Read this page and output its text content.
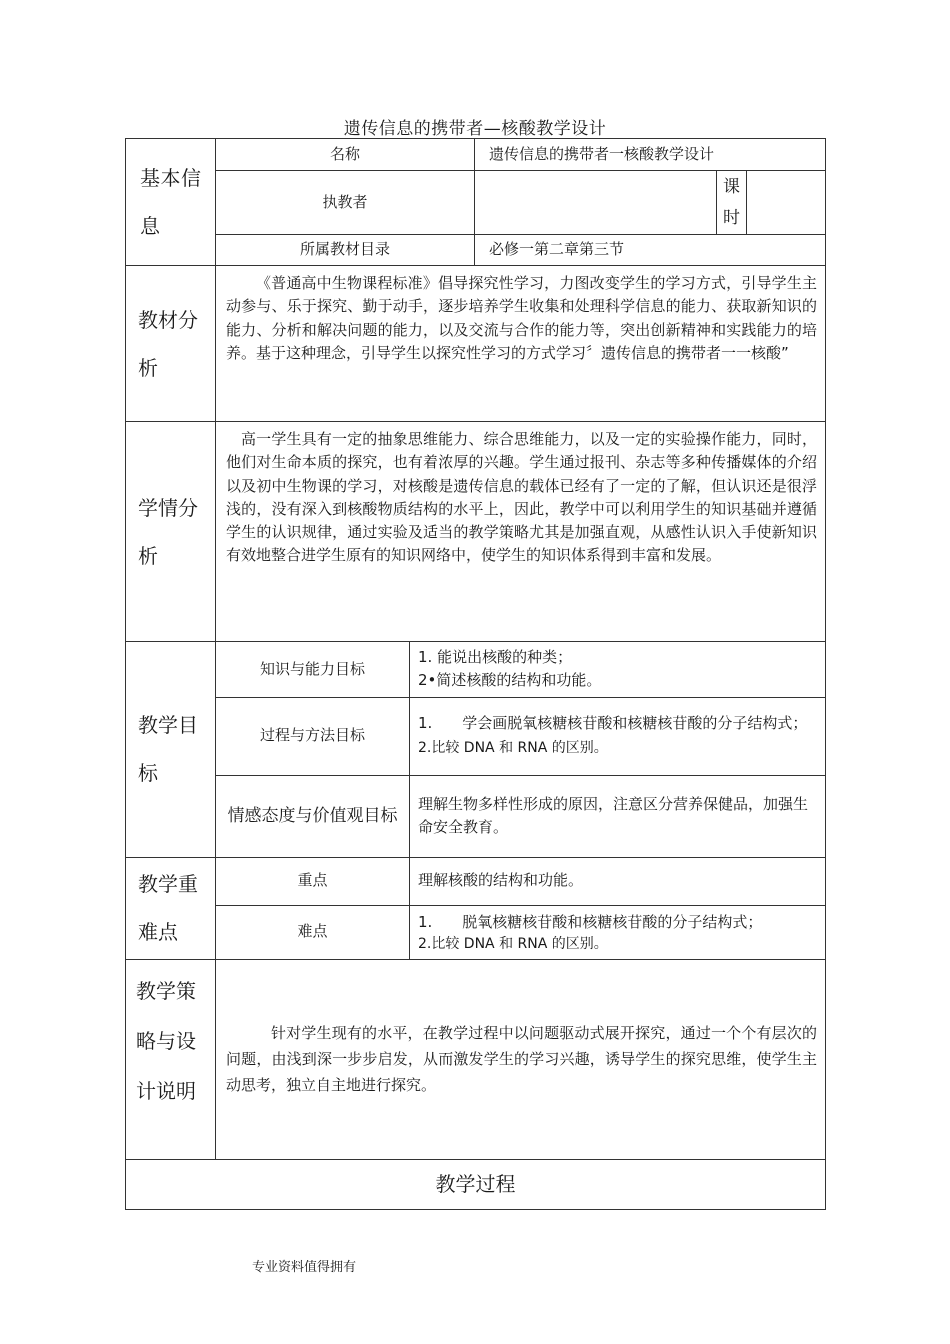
遗传信息的携带者—核酸教学设计
基本信息	名称		遗传信息的携带者一核酸教学设计		
	执教者			课时	
	所属教材目录		必修一第二章第三节		

教材分析	《普通高中生物课程标准》倡导探究性学习，力图改变学生的学习方式，引导学生主动参与、乐于探究、勤于动手，逐步培养学生收集和处理科学信息的能力、获取新知识的能力、分析和解决问题的能力，以及交流与合作的能力等，突出创新精神和实践能力的培养。基于这种理念，引导学生以探究性学习的方式学习〞遗传信息的携带者一一核酸”				

学情分析	高一学生具有一定的抽象思维能力、综合思维能力，以及一定的实验操作能力，同时，他们对生命本质的探究，也有着浓厚的兴趣。学生通过报刊、杂志等多种传播媒体的介绍以及初中生物课的学习，对核酸是遗传信息的载体已经有了一定的了解，但认识还是很浮浅的，没有深入到核酸物质结构的水平上，因此，教学中可以利用学生的知识基础并遵循学生的认识规律，通过实验及适当的教学策略尤其是加强直观，从感性认识入手使新知识有效地整合进学生原有的知识网络中，使学生的知识体系得到丰富和发展。				

教学目标	知识与能力目标	1. 能说出核酸的种类；
2•简述核酸的结构和功能。			

	过程与方法目标	1.　　学会画脱氧核糖核苷酸和核糖核苷酸的分子结构式；
2.比较 DNA 和 RNA 的区别。			

	情感态度与价值观目标	理解生物多样性形成的原因，注意区分营养保健品，加强生命安全教育。			

教学重难点	重点	理解核酸的结构和功能。			
	难点	1.　　脱氧核糖核苷酸和核糖核苷酸的分子结构式；
2.比较 DNA 和 RNA 的区别。			

教学策略与设计说明	针对学生现有的水平，在教学过程中以问题驱动式展开探究，通过一个个有层次的问题，由浅到深一步步启发，从而激发学生的学习兴趣，诱导学生的探究思维，使学生主动思考，独立自主地进行探究。				
教学过程					
专业资料值得拥有
